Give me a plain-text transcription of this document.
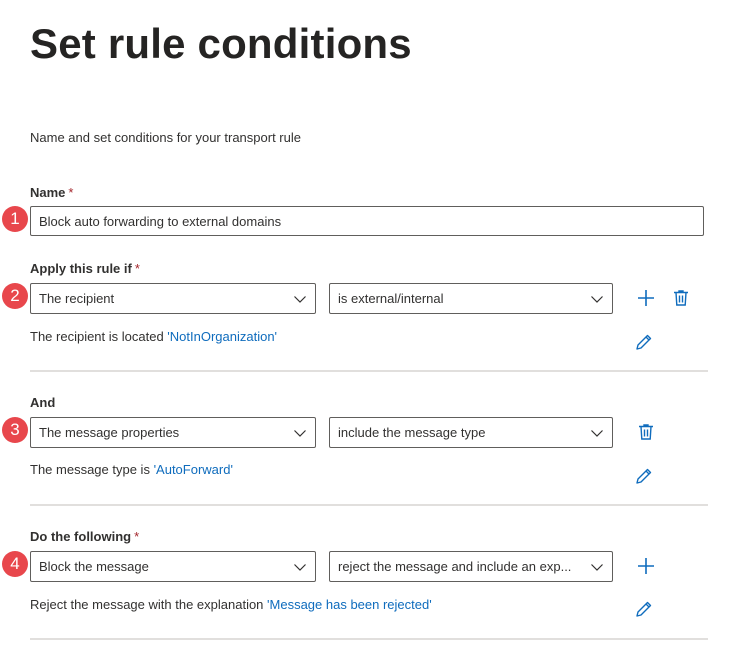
Set rule conditions
Name and set conditions for your transport rule
Name *
Block auto forwarding to external domains
1
Apply this rule if *
2	The recipient	is external/internal
The recipient is located 'NotInOrganization'
And
3	The message properties	include the message type
The message type is 'AutoForward'
Do the following *
4	Block the message	reject the message and include an exp...
Reject the message with the explanation 'Message has been rejected'
